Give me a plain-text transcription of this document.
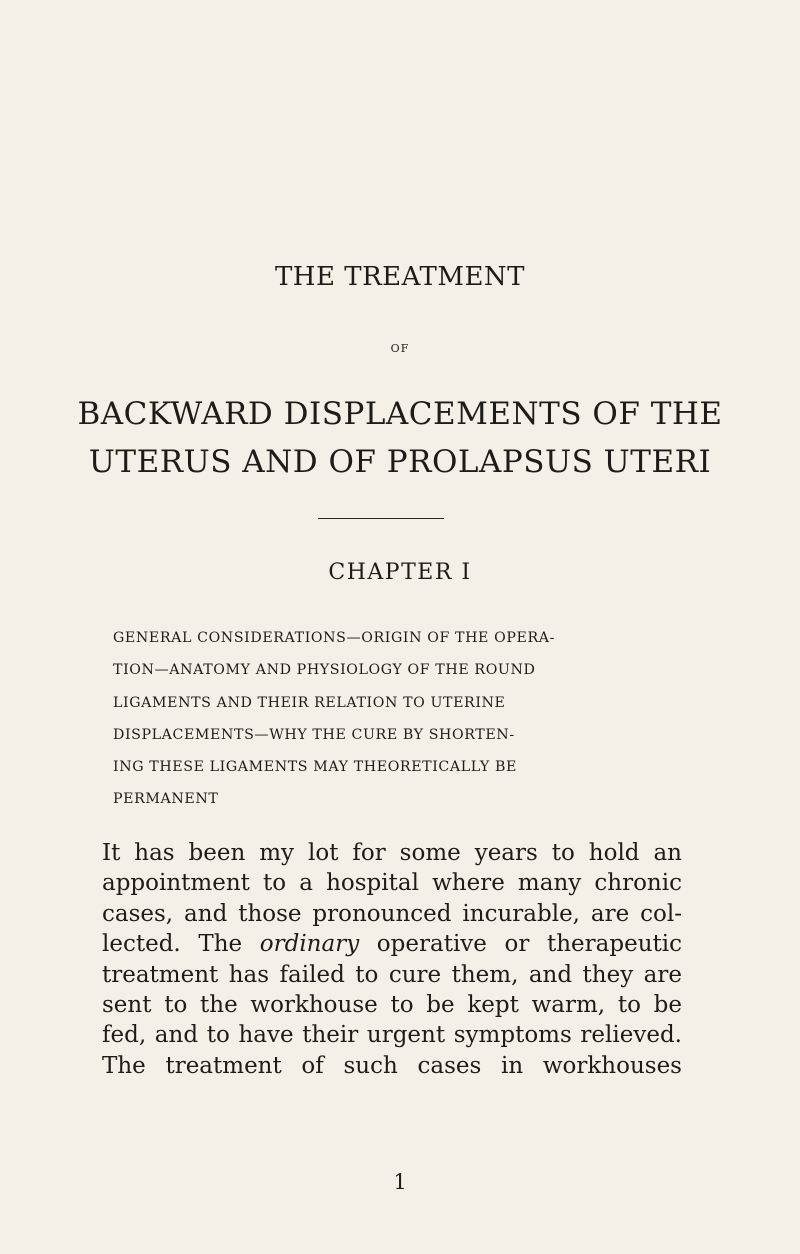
THE TREATMENT
OF
BACKWARD DISPLACEMENTS OF THE
UTERUS AND OF PROLAPSUS UTERI
CHAPTER I
GENERAL CONSIDERATIONS—ORIGIN OF THE OPERA-
TION—ANATOMY AND PHYSIOLOGY OF THE ROUND
LIGAMENTS AND THEIR RELATION TO UTERINE
DISPLACEMENTS—WHY THE CURE BY SHORTEN-
ING THESE LIGAMENTS MAY THEORETICALLY BE
PERMANENT
It has been my lot for some years to hold an
appointment to a hospital where many chronic
cases, and those pronounced incurable, are col-
lected. The ordinary operative or therapeutic
treatment has failed to cure them, and they are
sent to the workhouse to be kept warm, to be
fed, and to have their urgent symptoms relieved.
The treatment of such cases in workhouses
1
